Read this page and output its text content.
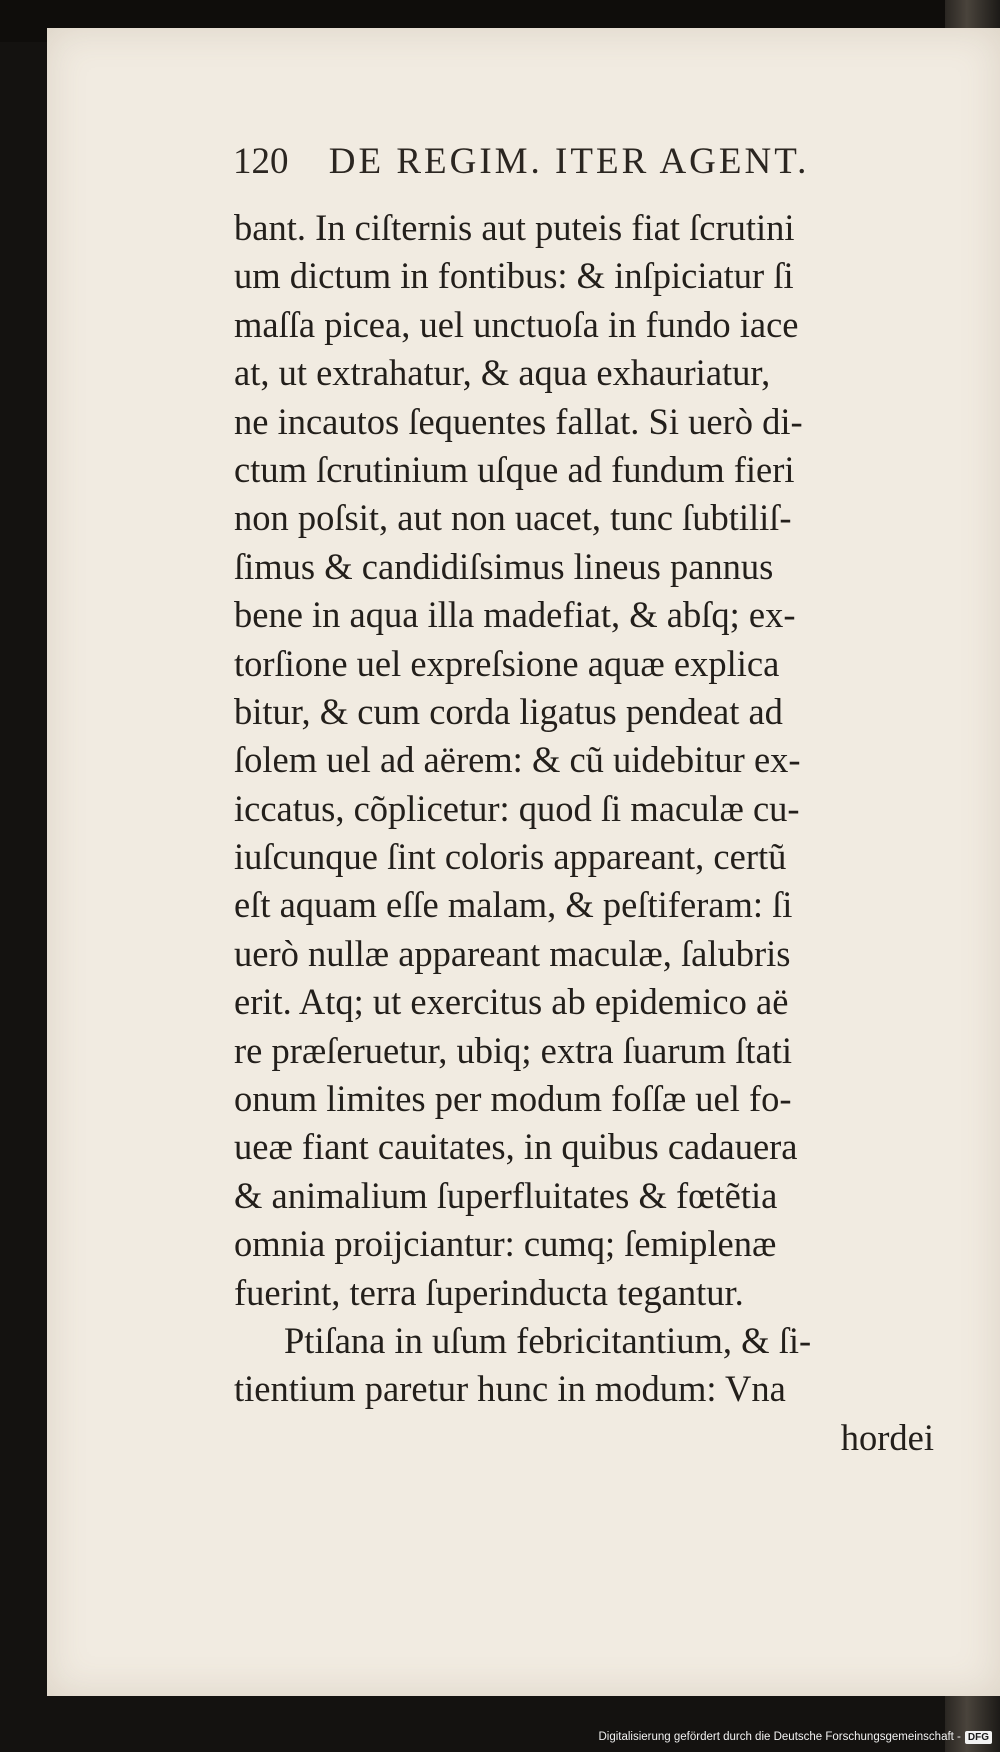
120 DE REGIM. ITER AGENT.
bant. In ciſternis aut puteis fiat ſcrutini
um dictum in fontibus: & inſpiciatur ſi
maſſa picea, uel unctuoſa in fundo iace
at, ut extrahatur, & aqua exhauriatur,
ne incautos ſequentes fallat. Si uerò di-
ctum ſcrutinium uſque ad fundum fieri
non poſsit, aut non uacet, tunc ſubtiliſ-
ſimus & candidiſsimus lineus pannus
bene in aqua illa madefiat, & abſq; ex-
torſione uel expreſsione aquæ explica
bitur, & cum corda ligatus pendeat ad
ſolem uel ad aërem: & cũ uidebitur ex-
iccatus, cõplicetur: quod ſi maculæ cu-
iuſcunque ſint coloris appareant, certũ
eſt aquam eſſe malam, & peſtiferam: ſi
uerò nullæ appareant maculæ, ſalubris
erit. Atq; ut exercitus ab epidemico aë
re præſeruetur, ubiq; extra ſuarum ſtati
onum limites per modum foſſæ uel fo-
ueæ fiant cauitates, in quibus cadauera
& animalium ſuperfluitates & fœtẽtia
omnia proijciantur: cumq; ſemiplenæ
fuerint, terra ſuperinducta tegantur.
Ptiſana in uſum febricitantium, & ſi-
tientium paretur hunc in modum: Vna
hordei
Digitalisierung gefördert durch die Deutsche Forschungsgemeinschaft - DFG
